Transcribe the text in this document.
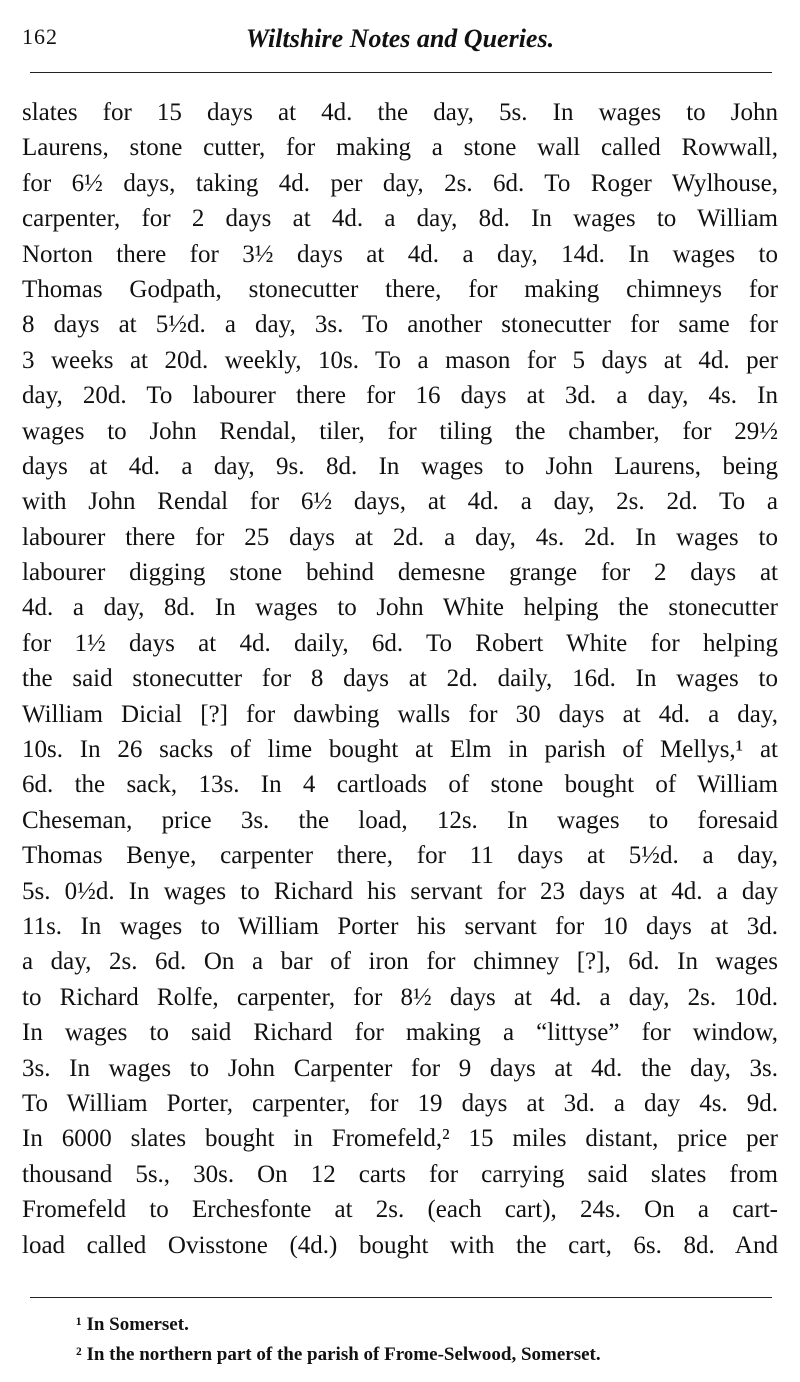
162	Wiltshire Notes and Queries.
slates for 15 days at 4d. the day, 5s. In wages to John
Laurens, stone cutter, for making a stone wall called Rowwall,
for 6½ days, taking 4d. per day, 2s. 6d. To Roger Wylhouse,
carpenter, for 2 days at 4d. a day, 8d. In wages to William
Norton there for 3½ days at 4d. a day, 14d. In wages to
Thomas Godpath, stonecutter there, for making chimneys for
8 days at 5½d. a day, 3s. To another stonecutter for same for
3 weeks at 20d. weekly, 10s. To a mason for 5 days at 4d. per
day, 20d. To labourer there for 16 days at 3d. a day, 4s. In
wages to John Rendal, tiler, for tiling the chamber, for 29½
days at 4d. a day, 9s. 8d. In wages to John Laurens, being
with John Rendal for 6½ days, at 4d. a day, 2s. 2d. To a
labourer there for 25 days at 2d. a day, 4s. 2d. In wages to
labourer digging stone behind demesne grange for 2 days at
4d. a day, 8d. In wages to John White helping the stonecutter
for 1½ days at 4d. daily, 6d. To Robert White for helping
the said stonecutter for 8 days at 2d. daily, 16d. In wages to
William Dicial [?] for dawbing walls for 30 days at 4d. a day,
10s. In 26 sacks of lime bought at Elm in parish of Mellys,¹ at
6d. the sack, 13s. In 4 cartloads of stone bought of William
Cheseman, price 3s. the load, 12s. In wages to foresaid
Thomas Benye, carpenter there, for 11 days at 5½d. a day,
5s. 0½d. In wages to Richard his servant for 23 days at 4d. a day
11s. In wages to William Porter his servant for 10 days at 3d.
a day, 2s. 6d. On a bar of iron for chimney [?], 6d. In wages
to Richard Rolfe, carpenter, for 8½ days at 4d. a day, 2s. 10d.
In wages to said Richard for making a “littyse” for window,
3s. In wages to John Carpenter for 9 days at 4d. the day, 3s.
To William Porter, carpenter, for 19 days at 3d. a day 4s. 9d.
In 6000 slates bought in Fromefeld,² 15 miles distant, price per
thousand 5s., 30s. On 12 carts for carrying said slates from
Fromefeld to Erchesfonte at 2s. (each cart), 24s. On a cart-
load called Ovisstone (4d.) bought with the cart, 6s. 8d. And
¹ In Somerset.
² In the northern part of the parish of Frome-Selwood, Somerset.
